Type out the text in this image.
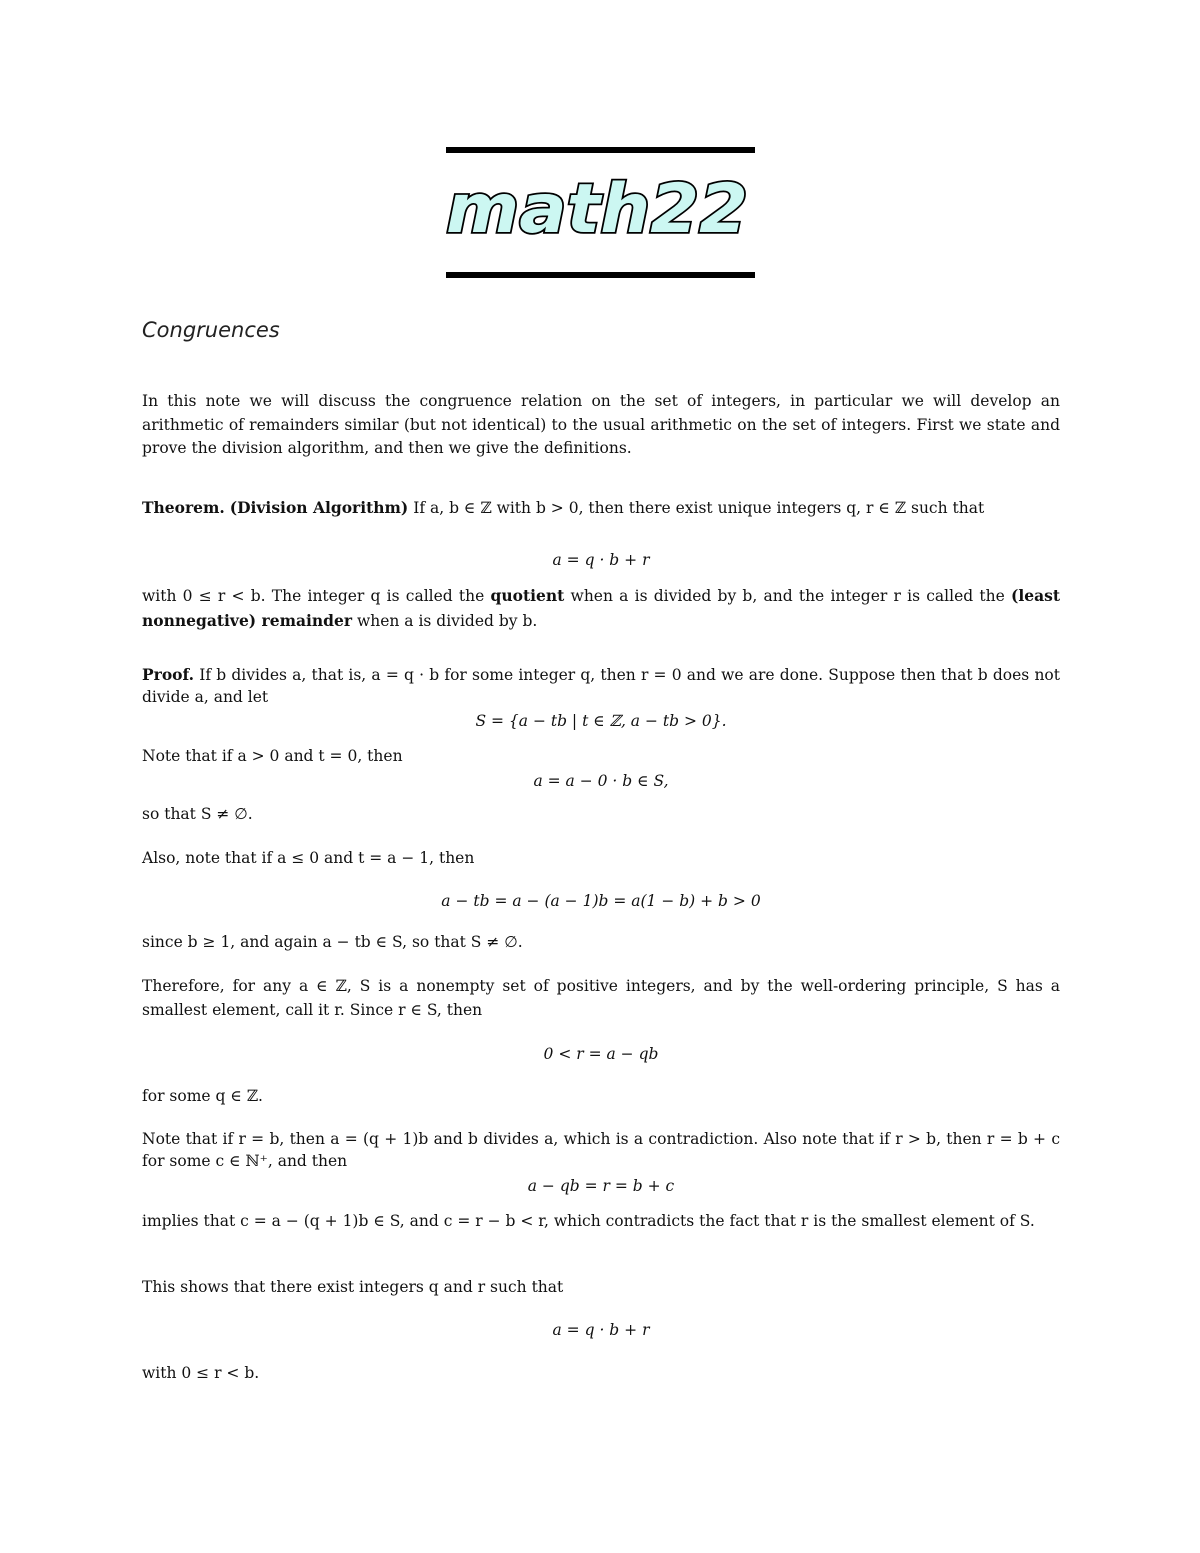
math22
Congruences

In this note we will discuss the congruence relation on the set of integers, in particular we will develop an arithmetic of remainders similar (but not identical) to the usual arithmetic on the set of integers. First we state and prove the division algorithm, and then we give the definitions.

Theorem. (Division Algorithm) If a, b ∈ ℤ with b > 0, then there exist unique integers q, r ∈ ℤ such that

a = q · b + r

with 0 ≤ r < b. The integer q is called the quotient when a is divided by b, and the integer r is called the (least nonnegative) remainder when a is divided by b.

Proof. If b divides a, that is, a = q · b for some integer q, then r = 0 and we are done. Suppose then that b does not divide a, and let

S = {a − tb | t ∈ ℤ, a − tb > 0}.

Note that if a > 0 and t = 0, then

a = a − 0 · b ∈ S,

so that S ≠ ∅.

Also, note that if a ≤ 0 and t = a − 1, then

a − tb = a − (a − 1)b = a(1 − b) + b > 0

since b ≥ 1, and again a − tb ∈ S, so that S ≠ ∅.

Therefore, for any a ∈ ℤ, S is a nonempty set of positive integers, and by the well-ordering principle, S has a smallest element, call it r. Since r ∈ S, then

0 < r = a − qb

for some q ∈ ℤ.

Note that if r = b, then a = (q + 1)b and b divides a, which is a contradiction. Also note that if r > b, then r = b + c for some c ∈ ℕ⁺, and then

a − qb = r = b + c

implies that c = a − (q + 1)b ∈ S, and c = r − b < r, which contradicts the fact that r is the smallest element of S.

This shows that there exist integers q and r such that

a = q · b + r

with 0 ≤ r < b.
